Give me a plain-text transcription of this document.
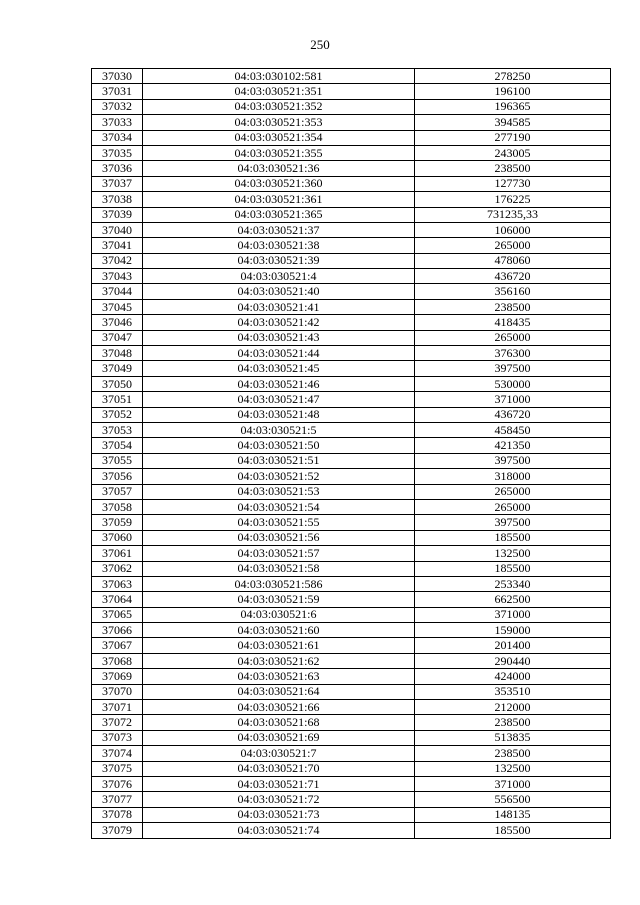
250
37030	04:03:030102:581	278250
37031	04:03:030521:351	196100
37032	04:03:030521:352	196365
37033	04:03:030521:353	394585
37034	04:03:030521:354	277190
37035	04:03:030521:355	243005
37036	04:03:030521:36	238500
37037	04:03:030521:360	127730
37038	04:03:030521:361	176225
37039	04:03:030521:365	731235,33
37040	04:03:030521:37	106000
37041	04:03:030521:38	265000
37042	04:03:030521:39	478060
37043	04:03:030521:4	436720
37044	04:03:030521:40	356160
37045	04:03:030521:41	238500
37046	04:03:030521:42	418435
37047	04:03:030521:43	265000
37048	04:03:030521:44	376300
37049	04:03:030521:45	397500
37050	04:03:030521:46	530000
37051	04:03:030521:47	371000
37052	04:03:030521:48	436720
37053	04:03:030521:5	458450
37054	04:03:030521:50	421350
37055	04:03:030521:51	397500
37056	04:03:030521:52	318000
37057	04:03:030521:53	265000
37058	04:03:030521:54	265000
37059	04:03:030521:55	397500
37060	04:03:030521:56	185500
37061	04:03:030521:57	132500
37062	04:03:030521:58	185500
37063	04:03:030521:586	253340
37064	04:03:030521:59	662500
37065	04:03:030521:6	371000
37066	04:03:030521:60	159000
37067	04:03:030521:61	201400
37068	04:03:030521:62	290440
37069	04:03:030521:63	424000
37070	04:03:030521:64	353510
37071	04:03:030521:66	212000
37072	04:03:030521:68	238500
37073	04:03:030521:69	513835
37074	04:03:030521:7	238500
37075	04:03:030521:70	132500
37076	04:03:030521:71	371000
37077	04:03:030521:72	556500
37078	04:03:030521:73	148135
37079	04:03:030521:74	185500
